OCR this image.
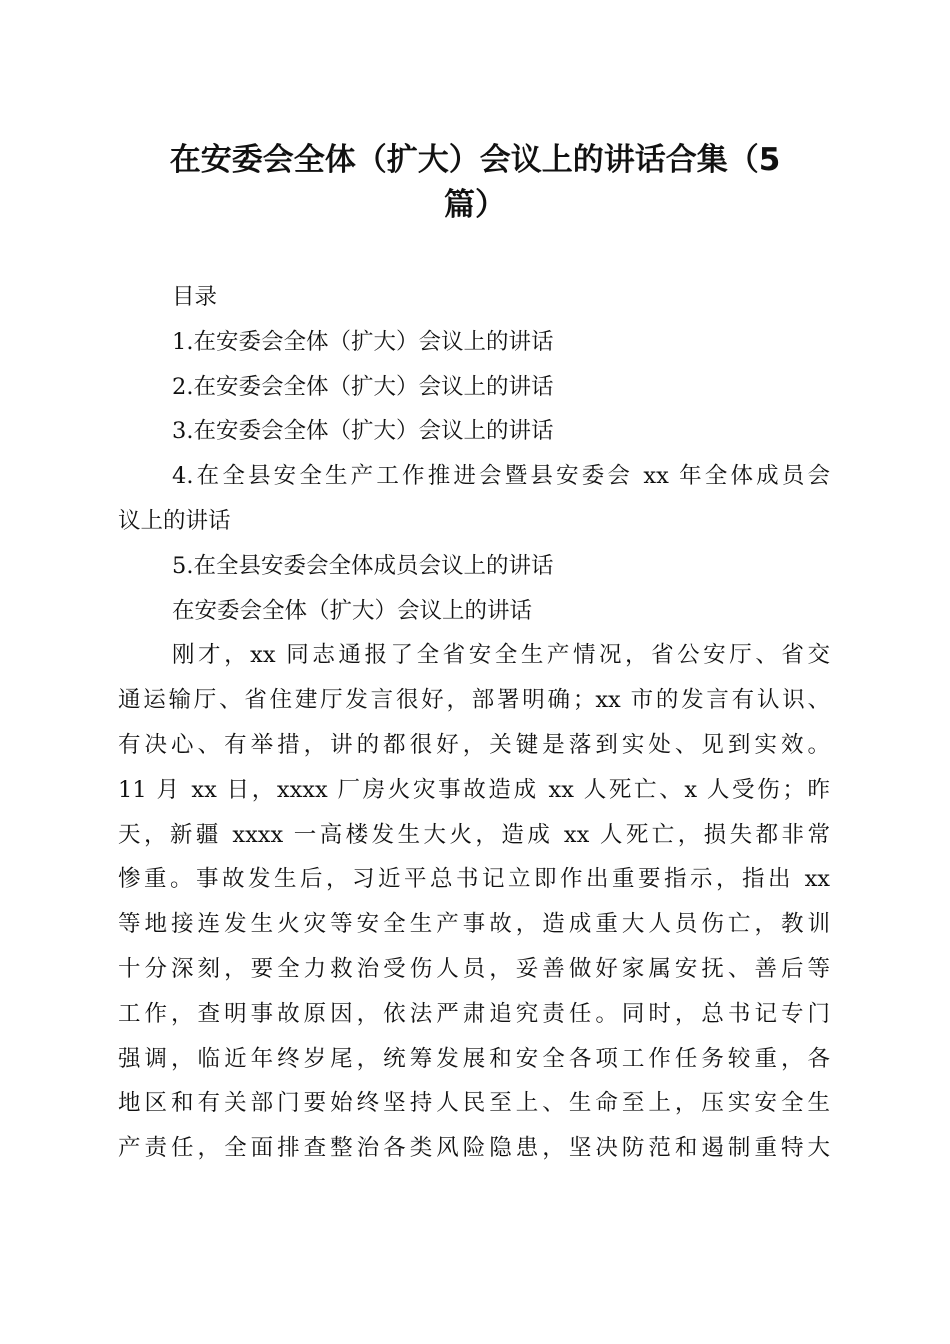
在安委会全体（扩大）会议上的讲话合集（5
篇）
目录
1.在安委会全体（扩大）会议上的讲话
2.在安委会全体（扩大）会议上的讲话
3.在安委会全体（扩大）会议上的讲话
4.在全县安全生产工作推进会暨县安委会 xx 年全体成员会
议上的讲话
5.在全县安委会全体成员会议上的讲话
在安委会全体（扩大）会议上的讲话
刚才，xx 同志通报了全省安全生产情况，省公安厅、省交
通运输厅、省住建厅发言很好，部署明确；xx 市的发言有认识、
有决心、有举措，讲的都很好，关键是落到实处、见到实效。
11 月 xx 日，xxxx 厂房火灾事故造成 xx 人死亡、x 人受伤；昨
天，新疆 xxxx 一高楼发生大火，造成 xx 人死亡，损失都非常
惨重。事故发生后，习近平总书记立即作出重要指示，指出 xx
等地接连发生火灾等安全生产事故，造成重大人员伤亡，教训
十分深刻，要全力救治受伤人员，妥善做好家属安抚、善后等
工作，查明事故原因，依法严肃追究责任。同时，总书记专门
强调，临近年终岁尾，统筹发展和安全各项工作任务较重，各
地区和有关部门要始终坚持人民至上、生命至上，压实安全生
产责任，全面排查整治各类风险隐患，坚决防范和遏制重特大
